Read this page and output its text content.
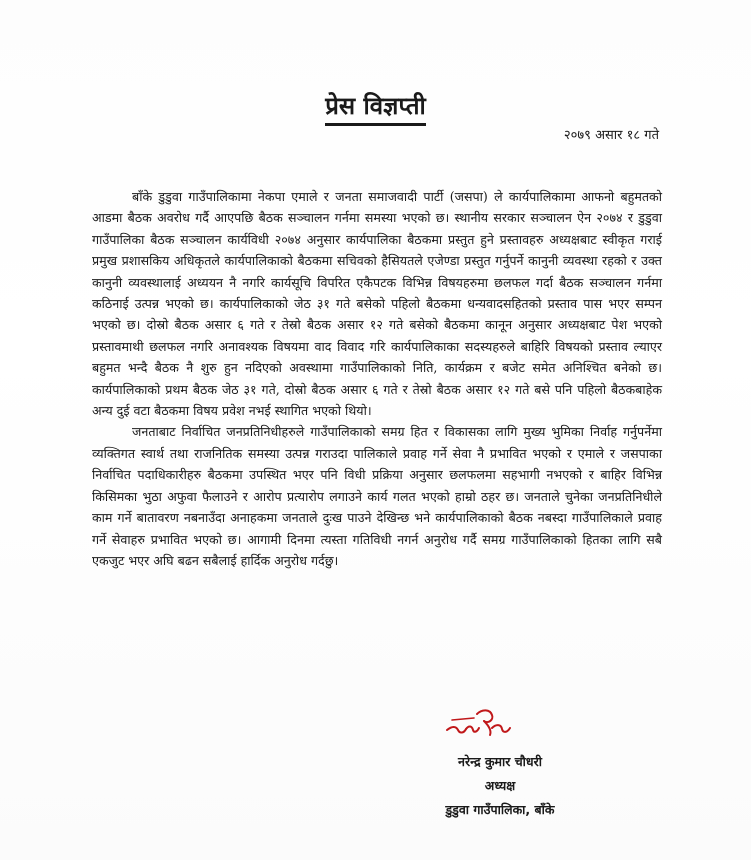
प्रेस विज्ञप्ती
२०७९ असार १८ गते

बाँके डुडुवा गाउँपालिकामा नेकपा एमाले र जनता समाजवादी पार्टी (जसपा) ले कार्यपालिकामा आफनो बहुमतको आडमा बैठक अवरोध गर्दै आएपछि बैठक सञ्चालन गर्नमा समस्या भएको छ। स्थानीय सरकार सञ्चालन ऐन २०७४ र डुडुवा गाउँपालिका बैठक सञ्चालन कार्यविधी २०७४ अनुसार कार्यपालिका बैठकमा प्रस्तुत हुने प्रस्तावहरु अध्यक्षबाट स्वीकृत गराई प्रमुख प्रशासकिय अधिकृतले कार्यपालिकाको बैठकमा सचिवको हैसियतले एजेण्डा प्रस्तुत गर्नुपर्ने कानुनी व्यवस्था रहको र उक्त कानुनी व्यवस्थालाई अध्ययन नै नगरि कार्यसूचि विपरित एकैपटक विभिन्न विषयहरुमा छलफल गर्दा बैठक सञ्चालन गर्नमा कठिनाई उत्पन्न भएको छ। कार्यपालिकाको जेठ ३१ गते बसेको पहिलो बैठकमा धन्यवादसहितको प्रस्ताव पास भएर सम्पन भएको छ। दोस्रो बैठक असार ६ गते र तेस्रो बैठक असार १२ गते बसेको बैठकमा कानून अनुसार अध्यक्षबाट पेश भएको प्रस्तावमाथी छलफल नगरि अनावश्यक विषयमा वाद विवाद गरि कार्यपालिकाका सदस्यहरुले बाहिरि विषयको प्रस्ताव ल्याएर बहुमत भन्दै बैठक नै शुरु हुन नदिएको अवस्थामा गाउँपालिकाको निति, कार्यक्रम र बजेट समेत अनिश्चित बनेको छ। कार्यपालिकाको प्रथम बैठक जेठ ३१ गते, दोस्रो बैठक असार ६ गते र तेस्रो बैठक असार १२ गते बसे पनि पहिलो बैठकबाहेक अन्य दुई वटा बैठकमा विषय प्रवेश नभई स्थागित भएको थियो।

जनताबाट निर्वाचित जनप्रतिनिधीहरुले गाउँपालिकाको समग्र हित र विकासका लागि मुख्य भुमिका निर्वाह गर्नुपर्नेमा व्यक्तिगत स्वार्थ तथा राजनितिक समस्या उत्पन्न गराउदा पालिकाले प्रवाह गर्ने सेवा नै प्रभावित भएको र एमाले र जसपाका निर्वाचित पदाधिकारीहरु बैठकमा उपस्थित भएर पनि विधी प्रक्रिया अनुसार छलफलमा सहभागी नभएको र बाहिर विभिन्न किसिमका भुठा अफुवा फैलाउने र आरोप प्रत्यारोप लगाउने कार्य गलत भएको हाम्रो ठहर छ। जनताले चुनेका जनप्रतिनिधीले काम गर्ने बातावरण नबनाउँदा अनाहकमा जनताले दुःख पाउने देखिन्छ भने कार्यपालिकाको बैठक नबस्दा गाउँपालिकाले प्रवाह गर्ने सेवाहरु प्रभावित भएको छ। आगामी दिनमा त्यस्ता गतिविधी नगर्न अनुरोध गर्दै समग्र गाउँपालिकाको हितका लागि सबै एकजुट भएर अघि बढन सबैलाई हार्दिक अनुरोध गर्दछु।

नरेन्द्र कुमार चौधरी
अध्यक्ष
डुडुवा गाउँपालिका, बाँके
